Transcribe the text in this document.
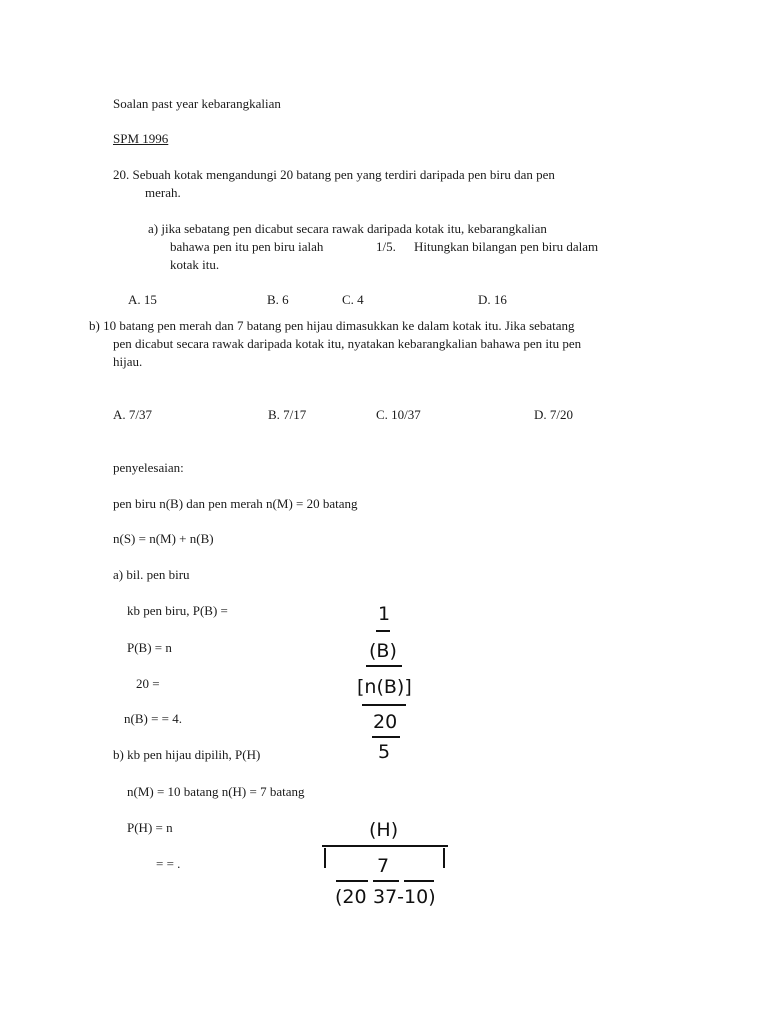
Soalan past year kebarangkalian
SPM 1996
20. Sebuah kotak mengandungi 20 batang pen yang terdiri daripada pen biru dan pen
merah.
a) jika sebatang pen dicabut secara rawak daripada kotak itu, kebarangkalian
bahawa pen itu pen biru ialah	1/5. Hitungkan bilangan pen biru dalam
kotak itu.
A. 15	B. 6	C. 4	D. 16
b) 10 batang pen merah dan 7 batang pen hijau dimasukkan ke dalam kotak itu. Jika sebatang
pen dicabut secara rawak daripada kotak itu, nyatakan kebarangkalian bahawa pen itu pen
hijau.
A. 7/37	B. 7/17	C. 10/37	D. 7/20
penyelesaian:
pen biru n(B) dan pen merah n(M) = 20 batang
n(S) = n(M) + n(B)
a) bil. pen biru
kb pen biru, P(B) =
P(B) = n
20 =
n(B) = = 4.
b) kb pen hijau dipilih, P(H)
n(M) = 10 batang n(H) = 7 batang
P(H) = n
= = .
1
(B)
[n(B)]
20
5
(H)
7
(20 37-10)
